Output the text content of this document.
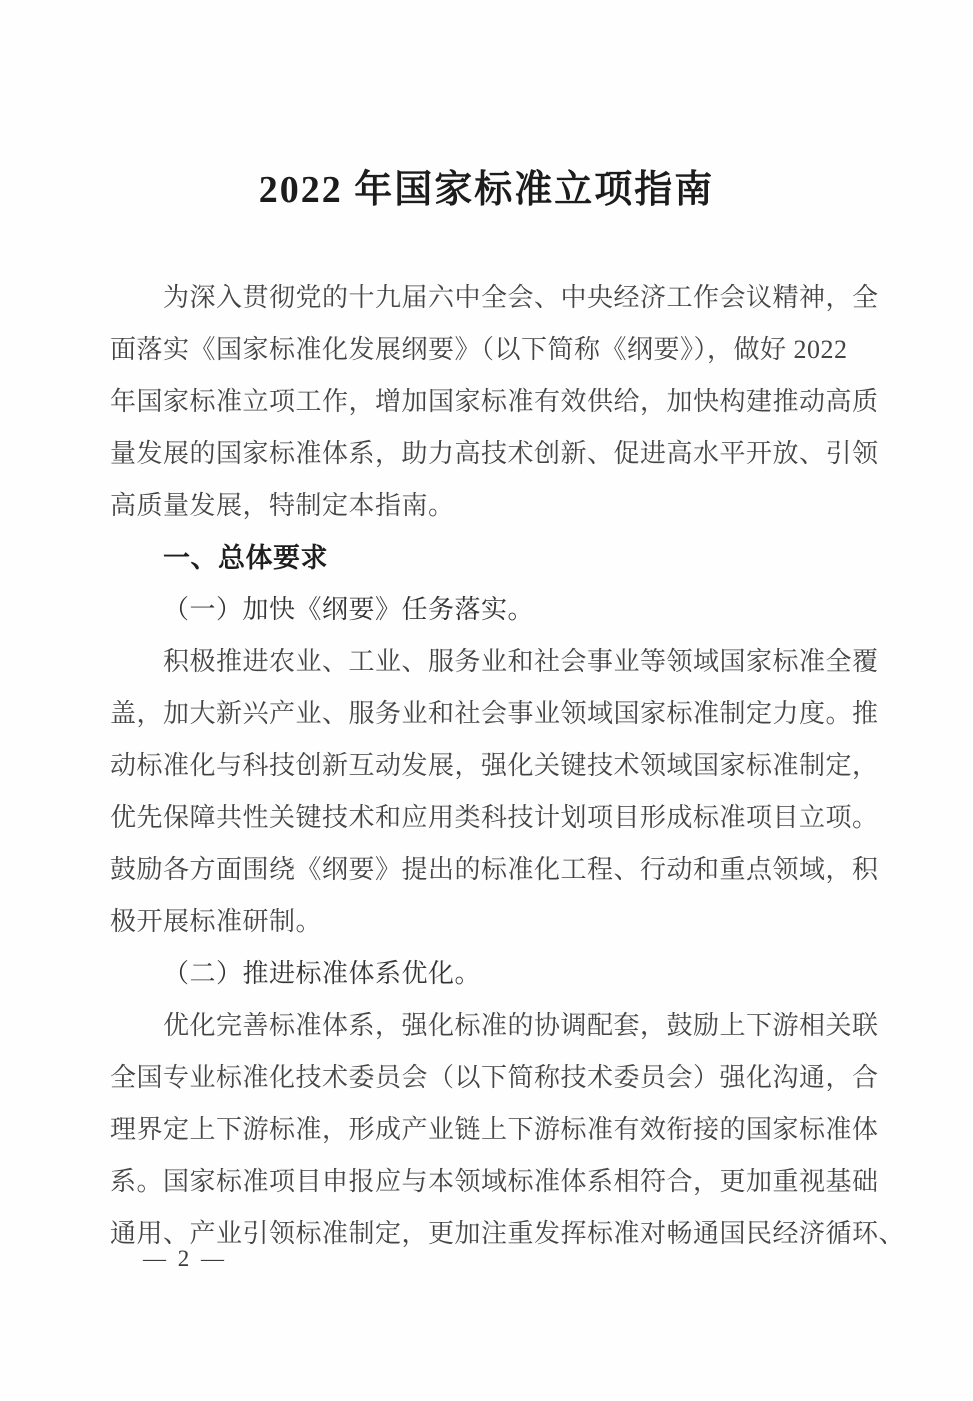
2022 年国家标准立项指南
为深入贯彻党的十九届六中全会、中央经济工作会议精神，全
面落实《国家标准化发展纲要》（以下简称《纲要》），做好 2022
年国家标准立项工作，增加国家标准有效供给，加快构建推动高质
量发展的国家标准体系，助力高技术创新、促进高水平开放、引领
高质量发展，特制定本指南。
一、总体要求
（一）加快《纲要》任务落实。
积极推进农业、工业、服务业和社会事业等领域国家标准全覆
盖，加大新兴产业、服务业和社会事业领域国家标准制定力度。推
动标准化与科技创新互动发展，强化关键技术领域国家标准制定，
优先保障共性关键技术和应用类科技计划项目形成标准项目立项。
鼓励各方面围绕《纲要》提出的标准化工程、行动和重点领域，积
极开展标准研制。
（二）推进标准体系优化。
优化完善标准体系，强化标准的协调配套，鼓励上下游相关联
全国专业标准化技术委员会（以下简称技术委员会）强化沟通，合
理界定上下游标准，形成产业链上下游标准有效衔接的国家标准体
系。国家标准项目申报应与本领域标准体系相符合，更加重视基础
通用、产业引领标准制定，更加注重发挥标准对畅通国民经济循环、
— 2 —
